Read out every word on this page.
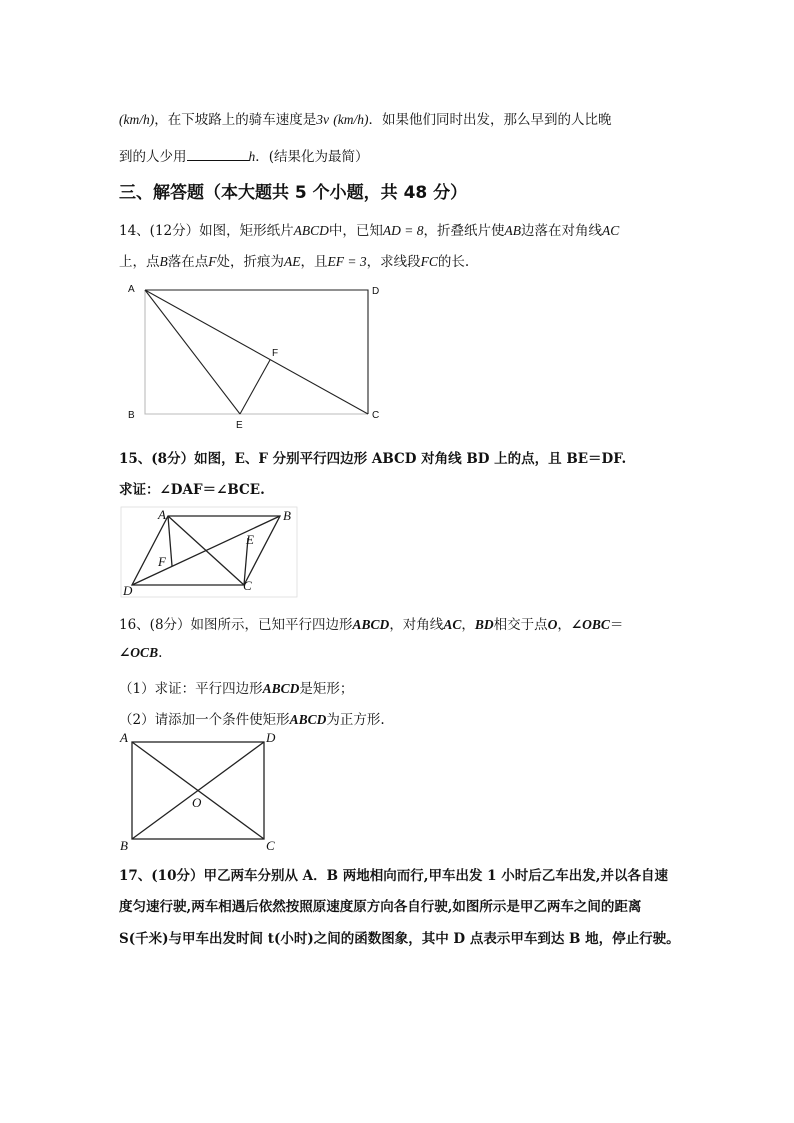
(km/h)，在下坡路上的骑车速度是3v (km/h)．如果他们同时出发，那么早到的人比晚
到的人少用	h．(结果化为最简）
三、解答题（本大题共 5 个小题，共 48 分）
14、(12分）如图，矩形纸片ABCD中，已知AD = 8，折叠纸片使AB边落在对角线AC
上，点B落在点F处，折痕为AE，且EF = 3，求线段FC的长.
A	D
B	C
E
F
15、(8分）如图，E、F 分别平行四边形 ABCD 对角线 BD 上的点，且 BE＝DF.
求证：∠DAF＝∠BCE.
A	B
D	C
E
F
16、(8分）如图所示，已知平行四边形ABCD，对角线AC，BD相交于点O，∠OBC＝
∠OCB.
（1）求证：平行四边形ABCD是矩形；
（2）请添加一个条件使矩形ABCD为正方形.
A	D
B	C
O
17、(10分）甲乙两车分别从 A．B 两地相向而行,甲车出发 1 小时后乙车出发,并以各自速
度匀速行驶,两车相遇后依然按照原速度原方向各自行驶,如图所示是甲乙两车之间的距离
S(千米)与甲车出发时间 t(小时)之间的函数图象，其中 D 点表示甲车到达 B 地，停止行驶。
